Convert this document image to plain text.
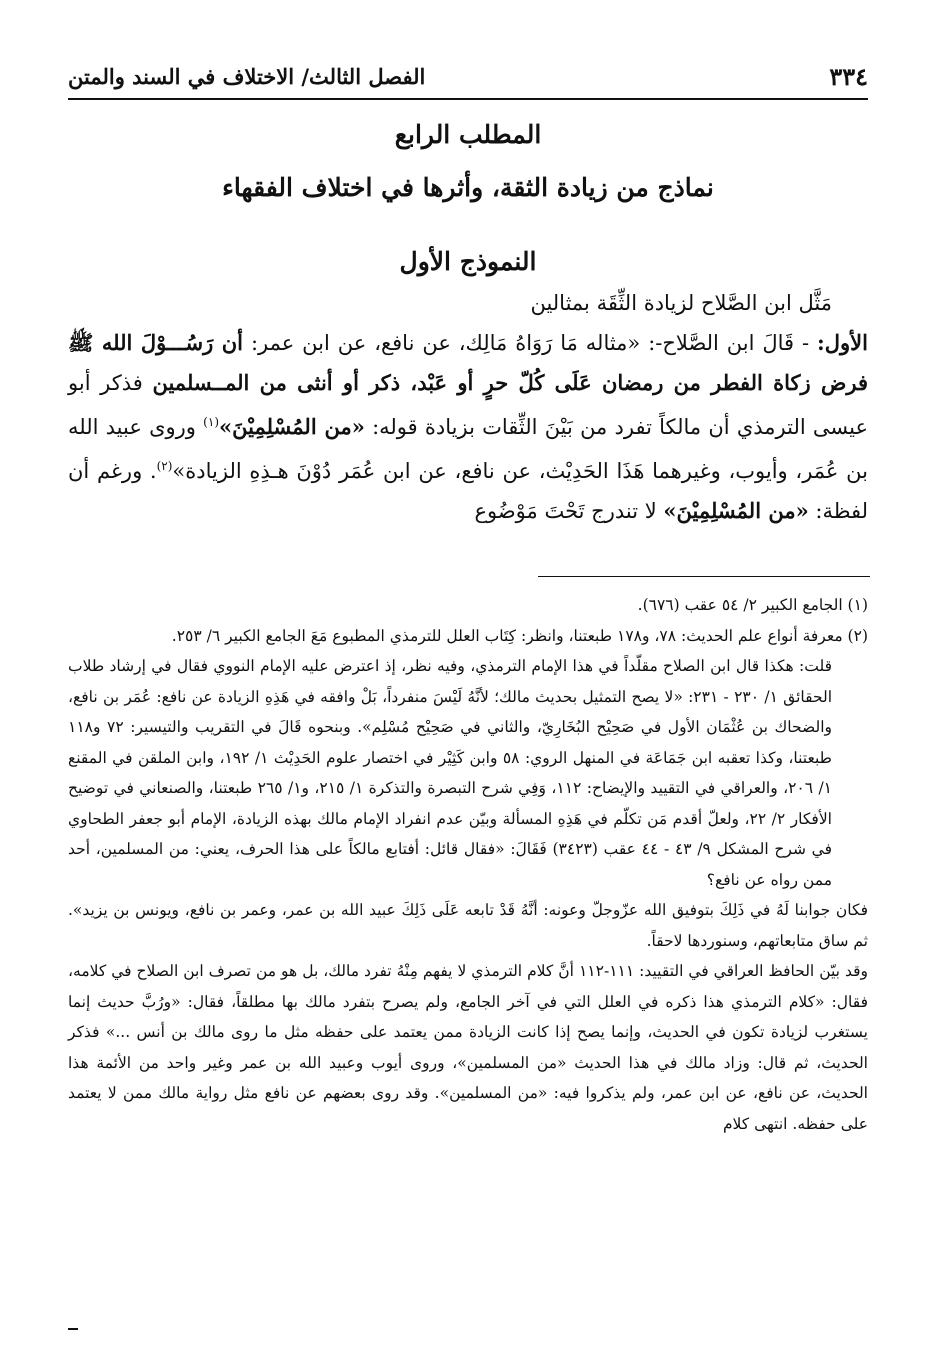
٣٣٤
الفصل الثالث/ الاختلاف في السند والمتن
المطلب الرابع
نماذج من زيادة الثقة، وأثرها في اختلاف الفقهاء
النموذج الأول

مَثَّل ابن الصَّلاح لزيادة الثِّقَة بمثالين

الأول: - قَالَ ابن الصَّلاح-: «مثاله مَا رَوَاهُ مَالِك، عن نافع، عن ابن عمر: أن رَسُـــوْلَ الله ﷺ فرض زكاة الفطر من رمضان عَلَى كُلّ حرٍ أو عَبْد، ذكر أو أنثى من المــسلمين فذكر أبو عيسى الترمذي أن مالكاً تفرد من بَيْنَ الثِّقات بزيادة قوله: «من المُسْلِمِيْنَ»$^{(١)}$ وروى عبيد الله بن عُمَر، وأيوب، وغيرهما هَذَا الحَدِيْث، عن نافع، عن ابن عُمَر دُوْنَ هـذِهِ الزيادة»$^{(٢)}$. ورغم أن لفظة: «من المُسْلِمِيْنَ» لا تندرج تَحْتَ مَوْضُوع

(١) الجامع الكبير ٢/ ٥٤ عقب (٦٧٦).

(٢) معرفة أنواع علم الحديث: ٧٨، و١٧٨ طبعتنا، وانظر: كِتَاب العلل للترمذي المطبوع مَعَ الجامع الكبير ٦/ ٢٥٣.

قلت: هكذا قال ابن الصلاح مقلّداً في هذا الإمام الترمذي، وفيه نظر، إذ اعترض عليه الإمام النووي فقال في إرشاد طلاب الحقائق ١/ ٢٣٠ - ٢٣١: «لا يصح التمثيل بحديث مالك؛ لأنَّهُ لَيْسَ منفرداً، بَلْ وافقه في هَذِهِ الزيادة عن نافع: عُمَر بن نافع، والضحاك بن عُثْمَان الأول في صَحِيْح البُخَارِيّ، والثاني في صَحِيْح مُسْلِم». وبنحوه قَالَ في التقريب والتيسير: ٧٢ و١١٨ طبعتنا، وكذا تعقبه ابن جَمَاعَة في المنهل الروي: ٥٨ وابن كَثِيْر في اختصار علوم الحَدِيْث ١/ ١٩٢، وابن الملقن في المقنع ١/ ٢٠٦، والعراقي في التقييد والإيضاح: ١١٢، وَفِي شرح التبصرة والتذكرة ١/ ٢١٥، و١/ ٢٦٥ طبعتنا، والصنعاني في توضيح الأفكار ٢/ ٢٢، ولعلّ أقدم مَن تكلّم في هَذِهِ المسألة وبيّن عدم انفراد الإمام مالك بهذه الزيادة، الإمام أبو جعفر الطحاوي في شرح المشكل ٩/ ٤٣ - ٤٤ عقب (٣٤٢٣) فَقَالَ: «فقال قائل: أفتابع مالكاً على هذا الحرف، يعني: من المسلمين، أحد ممن رواه عن نافع؟

فكان جوابنا لَهُ في ذَلِكَ بتوفيق الله عزّوجلّ وعونه: أنَّهُ قَدْ تابعه عَلَى ذَلِكَ عبيد الله بن عمر، وعمر بن نافع، ويونس بن يزيد». ثم ساق متابعاتهم، وسنوردها لاحقاً.

وقد بيّن الحافظ العراقي في التقييد: ١١١-١١٢ أنَّ كلام الترمذي لا يفهم مِنْهُ تفرد مالك، بل هو من تصرف ابن الصلاح في كلامه، فقال: «كلام الترمذي هذا ذكره في العلل التي في آخر الجامع، ولم يصرح بتفرد مالك بها مطلقاً، فقال: «ورُبَّ حديث إنما يستغرب لزيادة تكون في الحديث، وإنما يصح إذا كانت الزيادة ممن يعتمد على حفظه مثل ما روى مالك بن أنس ...» فذكر الحديث، ثم قال: وزاد مالك في هذا الحديث «من المسلمين»، وروى أيوب وعبيد الله بن عمر وغير واحد من الأئمة هذا الحديث، عن نافع، عن ابن عمر، ولم يذكروا فيه: «من المسلمين». وقد روى بعضهم عن نافع مثل رواية مالك ممن لا يعتمد على حفظه. انتهى كلام
